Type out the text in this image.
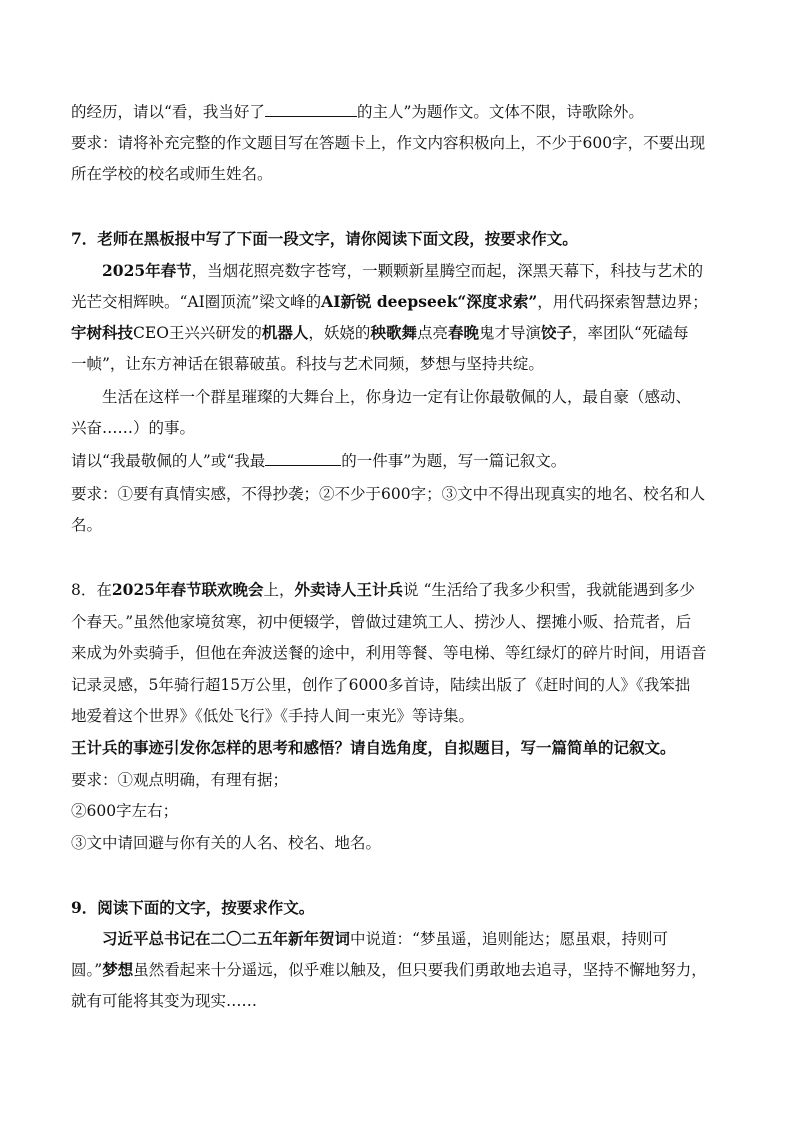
的经历，请以“看，我当好了	的主人”为题作文。文体不限，诗歌除外。
要求：请将补充完整的作文题目写在答题卡上，作文内容积极向上，不少于600字，不要出现
所在学校的校名或师生姓名。
7．老师在黑板报中写了下面一段文字，请你阅读下面文段，按要求作文。
2025年春节，当烟花照亮数字苍穹，一颗颗新星腾空而起，深黑天幕下，科技与艺术的
光芒交相辉映。“AI圈顶流”梁文峰的AI新锐 deepseek“深度求索”，用代码探索智慧边界；
宇树科技CEO王兴兴研发的机器人，妖娆的秧歌舞点亮春晚鬼才导演饺子，率团队“死磕每
一帧”，让东方神话在银幕破茧。科技与艺术同频，梦想与坚持共绽。
生活在这样一个群星璀璨的大舞台上，你身边一定有让你最敬佩的人，最自豪（感动、
兴奋……）的事。
请以“我最敬佩的人”或“我最	的一件事”为题，写一篇记叙文。
要求：①要有真情实感，不得抄袭；②不少于600字；③文中不得出现真实的地名、校名和人
名。
8．在2025年春节联欢晚会上，外卖诗人王计兵说 “生活给了我多少积雪，我就能遇到多少
个春天。”虽然他家境贫寒，初中便辍学，曾做过建筑工人、捞沙人、摆摊小贩、拾荒者，后
来成为外卖骑手，但他在奔波送餐的途中，利用等餐、等电梯、等红绿灯的碎片时间，用语音
记录灵感，5年骑行超15万公里，创作了6000多首诗，陆续出版了《赶时间的人》《我笨拙
地爱着这个世界》《低处飞行》《手持人间一束光》等诗集。
王计兵的事迹引发你怎样的思考和感悟？请自选角度，自拟题目，写一篇简单的记叙文。
要求：①观点明确，有理有据；
②600字左右；
③文中请回避与你有关的人名、校名、地名。
9．阅读下面的文字，按要求作文。
习近平总书记在二〇二五年新年贺词中说道：“梦虽遥，追则能达；愿虽艰，持则可
圆。”梦想虽然看起来十分遥远，似乎难以触及，但只要我们勇敢地去追寻，坚持不懈地努力，
就有可能将其变为现实……
